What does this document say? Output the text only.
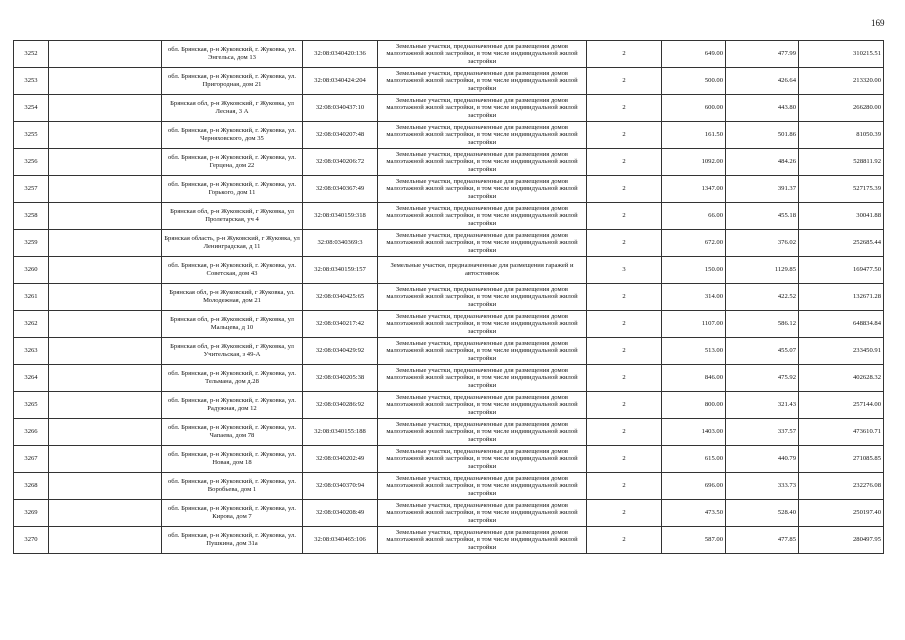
169
3252		обл. Брянская, р-н Жуковский, г. Жуковка, ул. Энгельса, дом 13	32:08:0340420:136	Земельные участки, предназначенные для размещения домов малоэтажной жилой застройки, в том числе индивидуальной жилой застройки	2	649.00	477.99	310215.51
3253		обл. Брянская, р-н Жуковский, г. Жуковка, ул. Пригородная, дом 21	32:08:0340424:204	Земельные участки, предназначенные для размещения домов малоэтажной жилой застройки, в том числе индивидуальной жилой застройки	2	500.00	426.64	213320.00
3254		Брянская обл, р-н Жуковский, г Жуковка, ул Лесная, 3 А	32:08:0340437:10	Земельные участки, предназначенные для размещения домов малоэтажной жилой застройки, в том числе индивидуальной жилой застройки	2	600.00	443.80	266280.00
3255		обл. Брянская, р-н Жуковский, г. Жуковка, ул. Черняховского, дом 35	32:08:0340207:48	Земельные участки, предназначенные для размещения домов малоэтажной жилой застройки, в том числе индивидуальной жилой застройки	2	161.50	501.86	81050.39
3256		обл. Брянская, р-н Жуковский, г. Жуковка, ул. Герцена, дом 22	32:08:0340206:72	Земельные участки, предназначенные для размещения домов малоэтажной жилой застройки, в том числе индивидуальной жилой застройки	2	1092.00	484.26	528811.92
3257		обл. Брянская, р-н Жуковский, г. Жуковка, ул. Горького, дом 11	32:08:0340367:49	Земельные участки, предназначенные для размещения домов малоэтажной жилой застройки, в том числе индивидуальной жилой застройки	2	1347.00	391.37	527175.39
3258		Брянская обл, р-н Жуковский, г Жуковка, ул Пролетарская, уч 4	32:08:0340159:318	Земельные участки, предназначенные для размещения домов малоэтажной жилой застройки, в том числе индивидуальной жилой застройки	2	66.00	455.18	30041.88
3259		Брянская область, р-н Жуковский, г Жуковка, ул Ленинградская, д 11	32:08:0340369:3	Земельные участки, предназначенные для размещения домов малоэтажной жилой застройки, в том числе индивидуальной жилой застройки	2	672.00	376.02	252685.44
3260		обл. Брянская, р-н Жуковский, г. Жуковка, ул. Советская, дом 43	32:08:0340159:157	Земельные участки, предназначенные для размещения гаражей и автостоянок	3	150.00	1129.85	169477.50
3261		Брянская обл, р-н Жуковский, г Жуковка, ул. Молодежная, дом 21	32:08:0340425:65	Земельные участки, предназначенные для размещения домов малоэтажной жилой застройки, в том числе индивидуальной жилой застройки	2	314.00	422.52	132671.28
3262		Брянская обл, р-н Жуковский, г Жуковка, ул Мальцева, д 10	32:08:0340217:42	Земельные участки, предназначенные для размещения домов малоэтажной жилой застройки, в том числе индивидуальной жилой застройки	2	1107.00	586.12	648834.84
3263		Брянская обл, р-н Жуковский, г Жуковка, ул Учительская, з 49-А	32:08:0340429:92	Земельные участки, предназначенные для размещения домов малоэтажной жилой застройки, в том числе индивидуальной жилой застройки	2	513.00	455.07	233450.91
3264		обл. Брянская, р-н Жуковский, г. Жуковка, ул. Тельмана, дом д.28	32:08:0340205:38	Земельные участки, предназначенные для размещения домов малоэтажной жилой застройки, в том числе индивидуальной жилой застройки	2	846.00	475.92	402628.32
3265		обл. Брянская, р-н Жуковский, г. Жуковка, ул. Радужная, дом 12	32:08:0340286:92	Земельные участки, предназначенные для размещения домов малоэтажной жилой застройки, в том числе индивидуальной жилой застройки	2	800.00	321.43	257144.00
3266		обл. Брянская, р-н Жуковский, г. Жуковка, ул. Чапаева, дом 78	32:08:0340155:188	Земельные участки, предназначенные для размещения домов малоэтажной жилой застройки, в том числе индивидуальной жилой застройки	2	1403.00	337.57	473610.71
3267		обл. Брянская, р-н Жуковский, г. Жуковка, ул. Новая, дом 18	32:08:0340202:49	Земельные участки, предназначенные для размещения домов малоэтажной жилой застройки, в том числе индивидуальной жилой застройки	2	615.00	440.79	271085.85
3268		обл. Брянская, р-н Жуковский, г. Жуковка, ул. Воробьева, дом 1	32:08:0340370:94	Земельные участки, предназначенные для размещения домов малоэтажной жилой застройки, в том числе индивидуальной жилой застройки	2	696.00	333.73	232276.08
3269		обл. Брянская, р-н Жуковский, г. Жуковка, ул. Кирова, дом 7	32:08:0340208:49	Земельные участки, предназначенные для размещения домов малоэтажной жилой застройки, в том числе индивидуальной жилой застройки	2	473.50	528.40	250197.40
3270		обл. Брянская, р-н Жуковский, г. Жуковка, ул. Пушкина, дом 31а	32:08:0340465:106	Земельные участки, предназначенные для размещения домов малоэтажной жилой застройки, в том числе индивидуальной жилой застройки	2	587.00	477.85	280497.95
